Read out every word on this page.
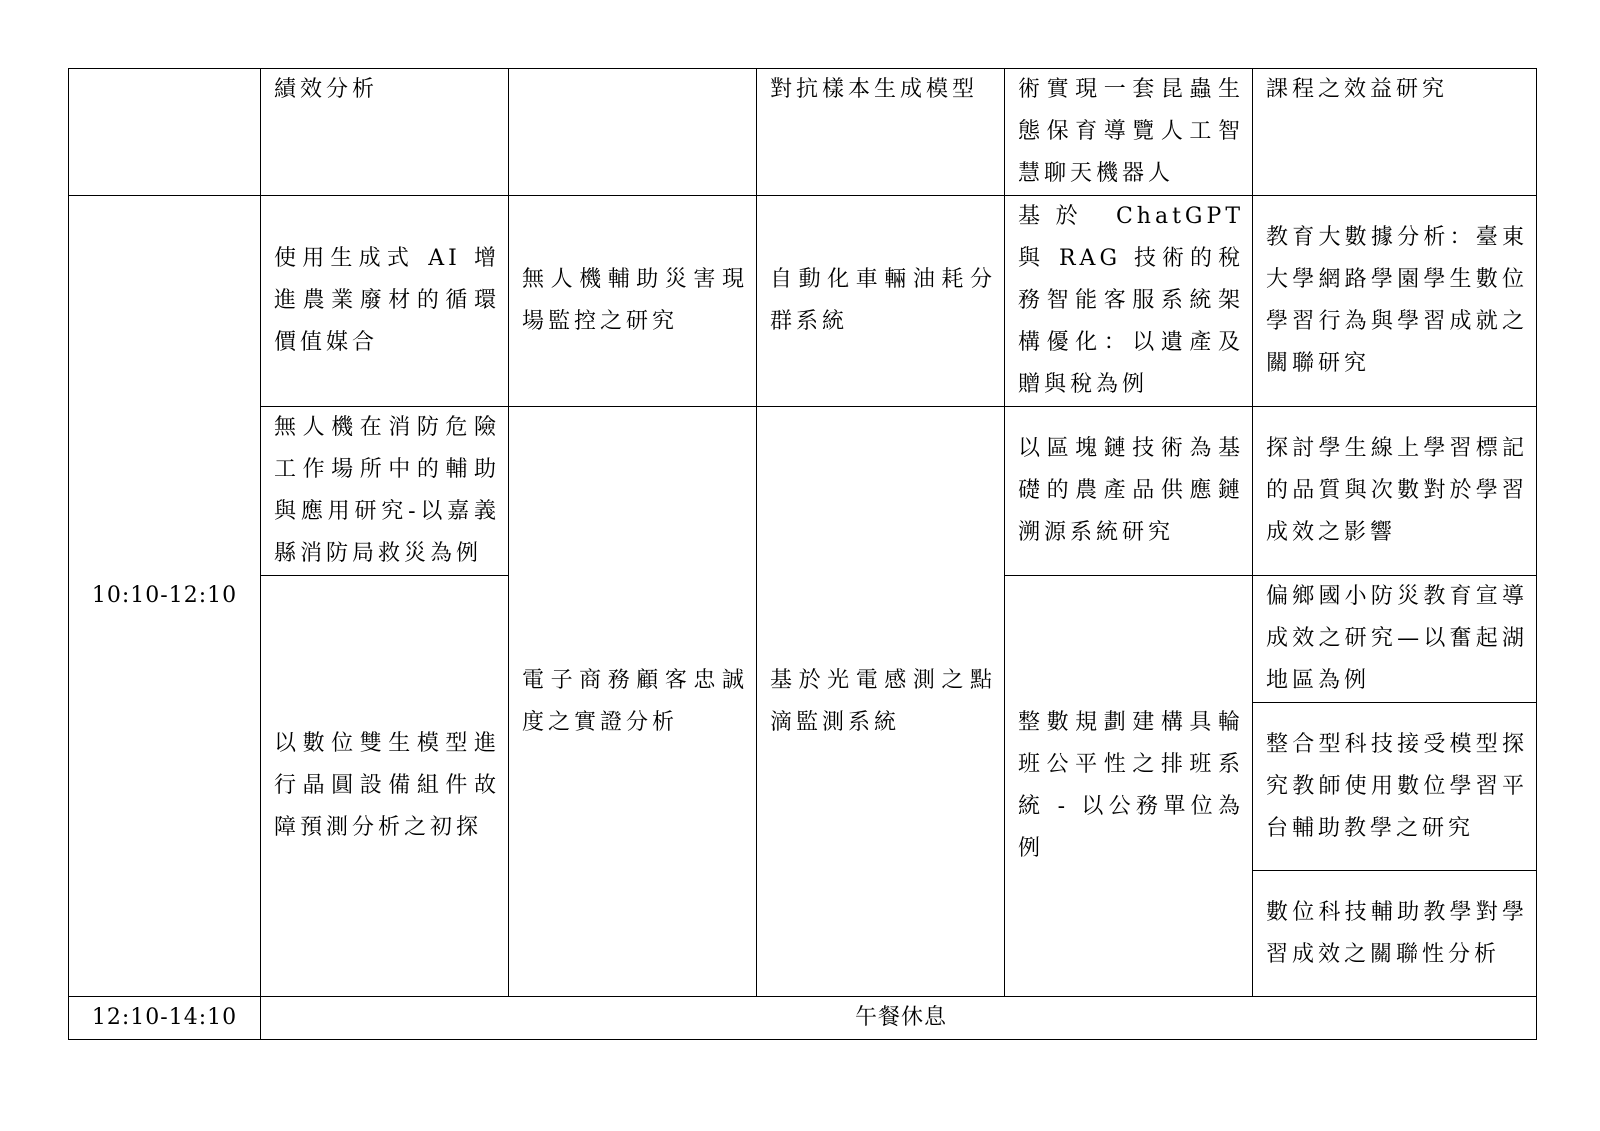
	績效分析		對抗樣本生成模型	術實現一套昆蟲生態保育導覽人工智慧聊天機器人	課程之效益研究
10:10-12:10	使用生成式 AI 增進農業廢材的循環價值媒合	無人機輔助災害現場監控之研究	自動化車輛油耗分群系統	基於 ChatGPT 與 RAG 技術的稅務智能客服系統架構優化：以遺產及贈與稅為例	教育大數據分析：臺東大學網路學園學生數位學習行為與學習成就之關聯研究
	無人機在消防危險工作場所中的輔助與應用研究-以嘉義縣消防局救災為例	電子商務顧客忠誠度之實證分析	基於光電感測之點滴監測系統	以區塊鏈技術為基礎的農產品供應鏈溯源系統研究	探討學生線上學習標記的品質與次數對於學習成效之影響
	以數位雙生模型進行晶圓設備組件故障預測分析之初探			整數規劃建構具輪班公平性之排班系統 - 以公務單位為例	偏鄉國小防災教育宣導成效之研究—以奮起湖地區為例
					整合型科技接受模型探究教師使用數位學習平台輔助教學之研究
					數位科技輔助教學對學習成效之關聯性分析
12:10-14:10	午餐休息				
